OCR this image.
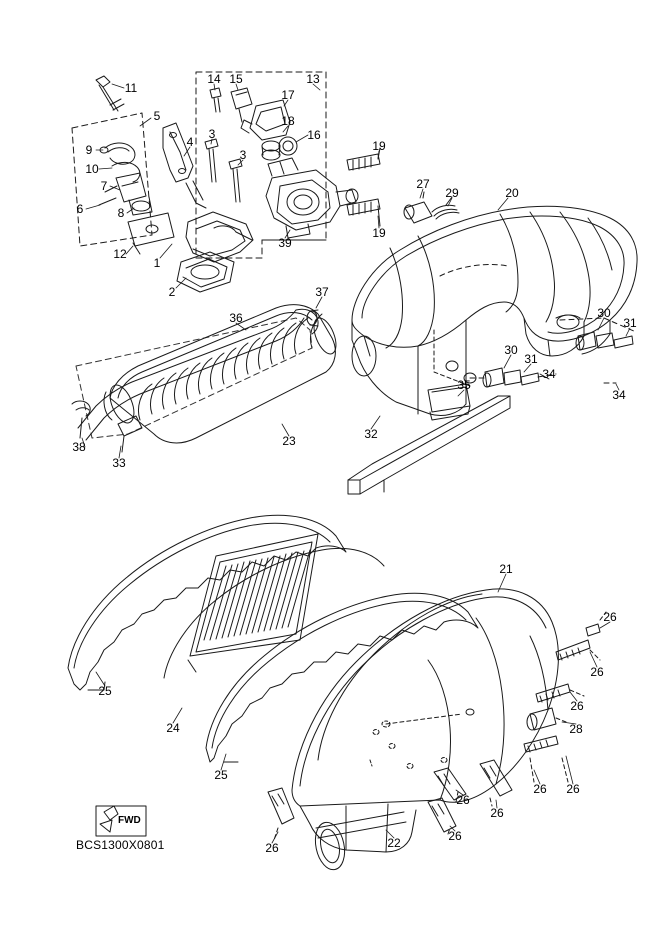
11
14 15	13
17
5	18
4
3	16
9
10
3
19
7	27
29	20
6	8
19
39
12
1
2	37
30
31
36
30
31
35
34
34
23	32
38
33
21
26
26
25
26
28
24
25
26 26
26
26
26
22
26
FWD
BCS1300X0801
